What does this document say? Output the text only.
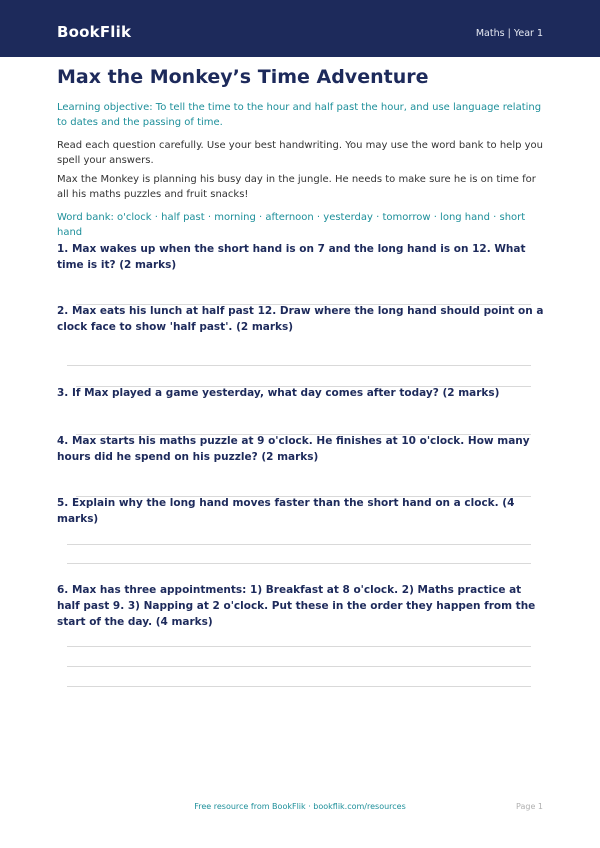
BookFlik	Maths | Year 1
Max the Monkey’s Time Adventure

Learning objective: To tell the time to the hour and half past the hour, and use language relating to dates and the passing of time.

Read each question carefully. Use your best handwriting. You may use the word bank to help you spell your answers.

Max the Monkey is planning his busy day in the jungle. He needs to make sure he is on time for all his maths puzzles and fruit snacks!

Word bank: o'clock · half past · morning · afternoon · yesterday · tomorrow · long hand · short hand

1. Max wakes up when the short hand is on 7 and the long hand is on 12. What time is it? (2 marks)
2. Max eats his lunch at half past 12. Draw where the long hand should point on a clock face to show 'half past'. (2 marks)
3. If Max played a game yesterday, what day comes after today? (2 marks)
4. Max starts his maths puzzle at 9 o'clock. He finishes at 10 o'clock. How many hours did he spend on his puzzle? (2 marks)
5. Explain why the long hand moves faster than the short hand on a clock. (4 marks)
6. Max has three appointments: 1) Breakfast at 8 o'clock. 2) Maths practice at half past 9. 3) Napping at 2 o'clock. Put these in the order they happen from the start of the day. (4 marks)
Free resource from BookFlik · bookflik.com/resources	Page 1
